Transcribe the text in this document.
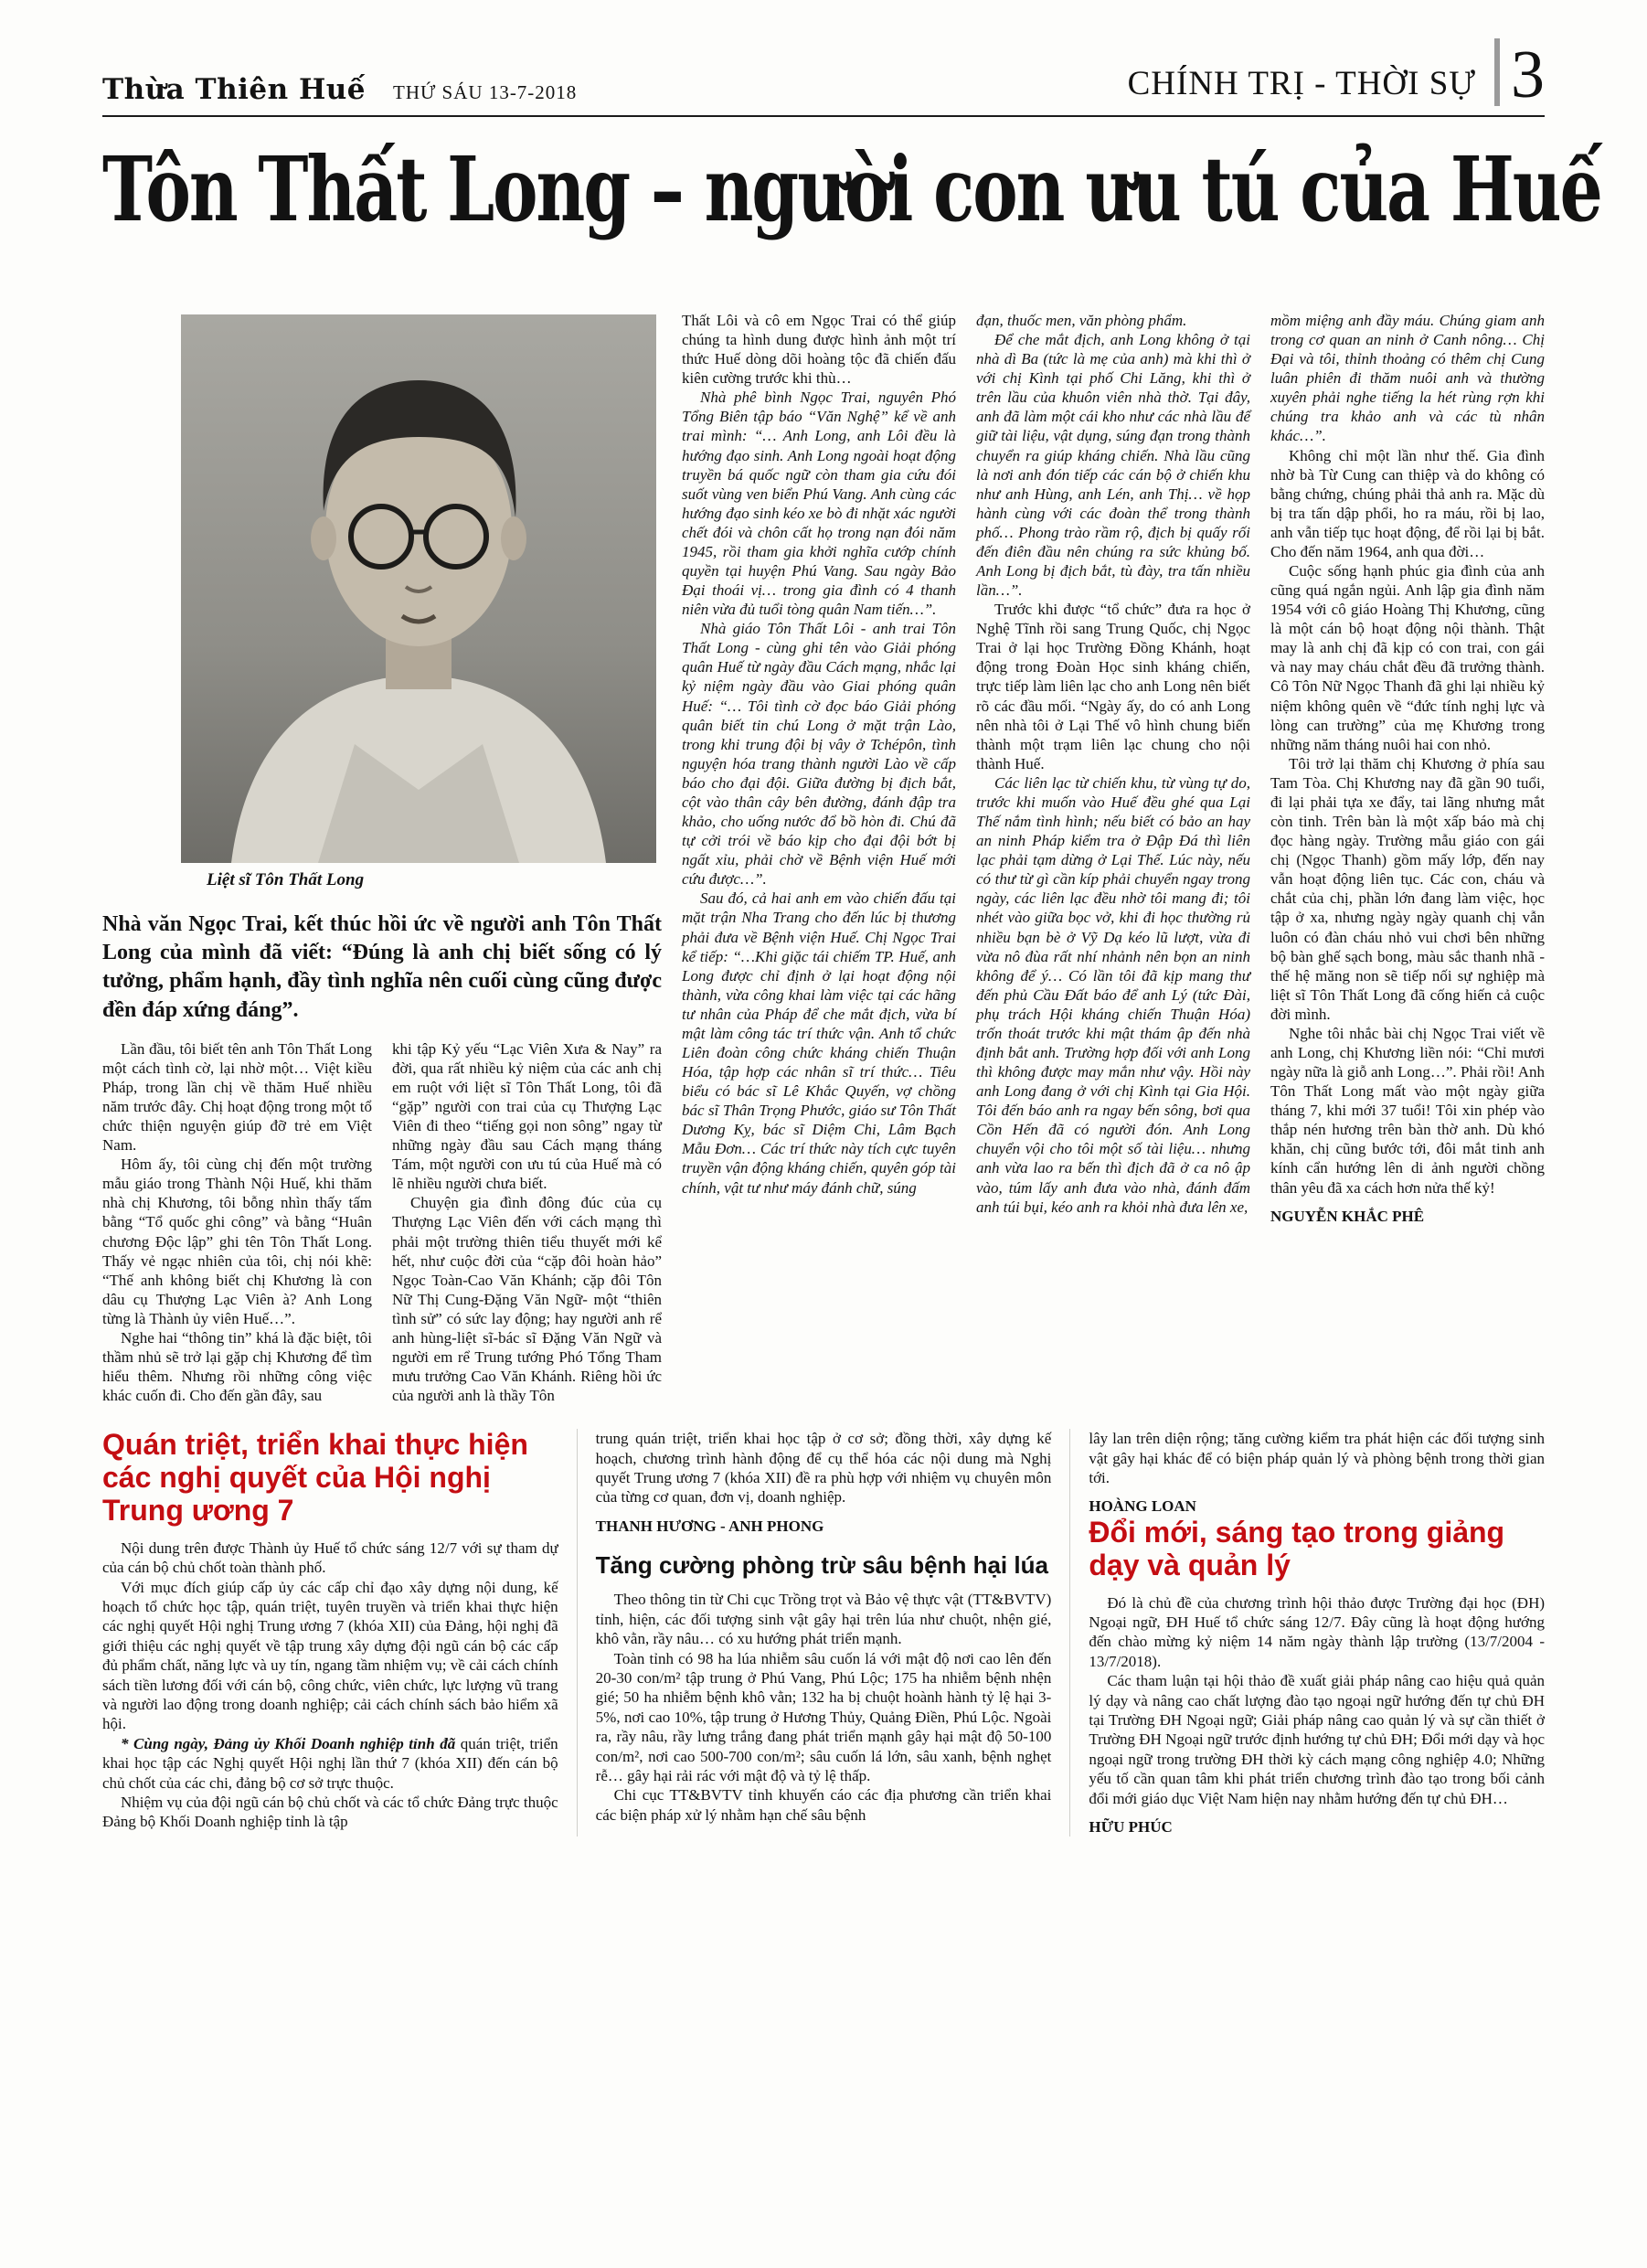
Thừa Thiên Huế THỨ SÁU 13-7-2018	CHÍNH TRỊ - THỜI SỰ 3
Tôn Thất Long – người con ưu tú của Huế
Liệt sĩ Tôn Thất Long

Nhà văn Ngọc Trai, kết thúc hồi ức về người anh Tôn Thất Long của mình đã viết: “Đúng là anh chị biết sống có lý tưởng, phẩm hạnh, đầy tình nghĩa nên cuối cùng cũng được đền đáp xứng đáng”.

Lần đầu, tôi biết tên anh Tôn Thất Long một cách tình cờ, lại nhờ một… Việt kiều Pháp, trong lần chị về thăm Huế nhiều năm trước đây. Chị hoạt động trong một tổ chức thiện nguyện giúp đỡ trẻ em Việt Nam.

Hôm ấy, tôi cùng chị đến một trường mẫu giáo trong Thành Nội Huế, khi thăm nhà chị Khương, tôi bỗng nhìn thấy tấm bằng “Tổ quốc ghi công” và bằng “Huân chương Độc lập” ghi tên Tôn Thất Long. Thấy vẻ ngạc nhiên của tôi, chị nói khẽ: “Thế anh không biết chị Khương là con dâu cụ Thượng Lạc Viên à? Anh Long từng là Thành ủy viên Huế…”.

Nghe hai “thông tin” khá là đặc biệt, tôi thầm nhủ sẽ trở lại gặp chị Khương để tìm hiểu thêm. Nhưng rồi những công việc khác cuốn đi. Cho đến gần đây, sau

khi tập Kỷ yếu “Lạc Viên Xưa & Nay” ra đời, qua rất nhiều kỷ niệm của các anh chị em ruột với liệt sĩ Tôn Thất Long, tôi đã “gặp” người con trai của cụ Thượng Lạc Viên đi theo “tiếng gọi non sông” ngay từ những ngày đầu sau Cách mạng tháng Tám, một người con ưu tú của Huế mà có lẽ nhiều người chưa biết.

Chuyện gia đình đông đúc của cụ Thượng Lạc Viên đến với cách mạng thì phải một trường thiên tiểu thuyết mới kể hết, như cuộc đời của “cặp đôi hoàn hảo” Ngọc Toàn-Cao Văn Khánh; cặp đôi Tôn Nữ Thị Cung-Đặng Văn Ngữ- một “thiên tình sử” có sức lay động; hay người anh rể anh hùng-liệt sĩ-bác sĩ Đặng Văn Ngữ và người em rể Trung tướng Phó Tổng Tham mưu trưởng Cao Văn Khánh. Riêng hồi ức của người anh là thầy Tôn

Thất Lôi và cô em Ngọc Trai có thể giúp chúng ta hình dung được hình ảnh một trí thức Huế dòng dõi hoàng tộc đã chiến đấu kiên cường trước khi thù…

Nhà phê bình Ngọc Trai, nguyên Phó Tổng Biên tập báo “Văn Nghệ” kể về anh trai mình: “… Anh Long, anh Lôi đều là hướng đạo sinh. Anh Long ngoài hoạt động truyền bá quốc ngữ còn tham gia cứu đói suốt vùng ven biển Phú Vang. Anh cùng các hướng đạo sinh kéo xe bò đi nhặt xác người chết đói và chôn cất họ trong nạn đói năm 1945, rồi tham gia khởi nghĩa cướp chính quyền tại huyện Phú Vang. Sau ngày Bảo Đại thoái vị… trong gia đình có 4 thanh niên vừa đủ tuổi tòng quân Nam tiến…”.

Nhà giáo Tôn Thất Lôi - anh trai Tôn Thất Long - cùng ghi tên vào Giải phóng quân Huế từ ngày đầu Cách mạng, nhắc lại kỷ niệm ngày đầu vào Giai phóng quân Huế: “… Tôi tình cờ đọc báo Giải phóng quân biết tin chú Long ở mặt trận Lào, trong khi trung đội bị vây ở Tchépôn, tình nguyện hóa trang thành người Lào về cấp báo cho đại đội. Giữa đường bị địch bắt, cột vào thân cây bên đường, đánh đập tra khảo, cho uống nước đổ bồ hòn đi. Chú đã tự cởi trói về báo kịp cho đại đội bớt bị ngất xỉu, phải chờ về Bệnh viện Huế mới cứu được…”.

Sau đó, cả hai anh em vào chiến đấu tại mặt trận Nha Trang cho đến lúc bị thương phải đưa về Bệnh viện Huế. Chị Ngọc Trai kể tiếp: “…Khi giặc tái chiếm TP. Huế, anh Long được chỉ định ở lại hoạt động nội thành, vừa công khai làm việc tại các hãng tư nhân của Pháp để che mắt địch, vừa bí mật làm công tác trí thức vận. Anh tổ chức Liên đoàn công chức kháng chiến Thuận Hóa, tập hợp các nhân sĩ trí thức… Tiêu biểu có bác sĩ Lê Khắc Quyến, vợ chồng bác sĩ Thân Trọng Phước, giáo sư Tôn Thất Dương Kỵ, bác sĩ Diệm Chi, Lâm Bạch Mẫu Đơn… Các trí thức này tích cực tuyên truyền vận động kháng chiến, quyên góp tài chính, vật tư như máy đánh chữ, súng

đạn, thuốc men, văn phòng phẩm.

Để che mắt địch, anh Long không ở tại nhà dì Ba (tức là mẹ của anh) mà khi thì ở với chị Kình tại phố Chi Lăng, khi thì ở trên lầu của khuôn viên nhà thờ. Tại đây, anh đã làm một cái kho như các nhà lầu để giữ tài liệu, vật dụng, súng đạn trong thành chuyển ra giúp kháng chiến. Nhà lầu cũng là nơi anh đón tiếp các cán bộ ở chiến khu như anh Hùng, anh Lén, anh Thị… về họp hành cùng với các đoàn thể trong thành phố… Phong trào rầm rộ, địch bị quấy rối đến điên đầu nên chúng ra sức khủng bố. Anh Long bị địch bắt, tù đày, tra tấn nhiều lần…”.

Trước khi được “tổ chức” đưa ra học ở Nghệ Tĩnh rồi sang Trung Quốc, chị Ngọc Trai ở lại học Trường Đồng Khánh, hoạt động trong Đoàn Học sinh kháng chiến, trực tiếp làm liên lạc cho anh Long nên biết rõ các đầu mối. “Ngày ấy, do có anh Long nên nhà tôi ở Lại Thế vô hình chung biến thành một trạm liên lạc chung cho nội thành Huế.

Các liên lạc từ chiến khu, từ vùng tự do, trước khi muốn vào Huế đều ghé qua Lại Thế nắm tình hình; nếu biết có bảo an hay an ninh Pháp kiểm tra ở Đập Đá thì liên lạc phải tạm dừng ở Lại Thế. Lúc này, nếu có thư từ gì cần kíp phải chuyển ngay trong ngày, các liên lạc đều nhờ tôi mang đi; tôi nhét vào giữa bọc vở, khi đi học thường rủ nhiều bạn bè ở Vỹ Dạ kéo lũ lượt, vừa đi vừa nô đùa rất nhí nhảnh nên bọn an ninh không để ý… Có lần tôi đã kịp mang thư đến phủ Cầu Đất báo để anh Lý (tức Đài, phụ trách Hội kháng chiến Thuận Hóa) trốn thoát trước khi mật thám ập đến nhà định bắt anh. Trường hợp đối với anh Long thì không được may mắn như vậy. Hồi này anh Long đang ở với chị Kình tại Gia Hội. Tôi đến báo anh ra ngay bến sông, bơi qua Cồn Hến đã có người đón. Anh Long chuyển vội cho tôi một số tài liệu… nhưng anh vừa lao ra bến thì địch đã ở ca nô ập vào, túm lấy anh đưa vào nhà, đánh đấm anh túi bụi, kéo anh ra khỏi nhà đưa lên xe,

mồm miệng anh đầy máu. Chúng giam anh trong cơ quan an ninh ở Canh nông… Chị Đại và tôi, thỉnh thoảng có thêm chị Cung luân phiên đi thăm nuôi anh và thường xuyên phải nghe tiếng la hét rùng rợn khi chúng tra khảo anh và các tù nhân khác…”.

Không chỉ một lần như thế. Gia đình nhờ bà Từ Cung can thiệp và do không có bằng chứng, chúng phải thả anh ra. Mặc dù bị tra tấn dập phổi, ho ra máu, rồi bị lao, anh vẫn tiếp tục hoạt động, để rồi lại bị bắt. Cho đến năm 1964, anh qua đời…

Cuộc sống hạnh phúc gia đình của anh cũng quá ngắn ngủi. Anh lập gia đình năm 1954 với cô giáo Hoàng Thị Khương, cũng là một cán bộ hoạt động nội thành. Thật may là anh chị đã kịp có con trai, con gái và nay may cháu chắt đều đã trưởng thành. Cô Tôn Nữ Ngọc Thanh đã ghi lại nhiều kỷ niệm không quên về “đức tính nghị lực và lòng can trường” của mẹ Khương trong những năm tháng nuôi hai con nhỏ.

Tôi trở lại thăm chị Khương ở phía sau Tam Tòa. Chị Khương nay đã gần 90 tuổi, đi lại phải tựa xe đẩy, tai lãng nhưng mắt còn tinh. Trên bàn là một xấp báo mà chị đọc hàng ngày. Trường mẫu giáo con gái chị (Ngọc Thanh) gồm mấy lớp, đến nay vẫn hoạt động liên tục. Các con, cháu và chắt của chị, phần lớn đang làm việc, học tập ở xa, nhưng ngày ngày quanh chị vẫn luôn có đàn cháu nhỏ vui chơi bên những bộ bàn ghế sạch bong, màu sắc thanh nhã - thế hệ măng non sẽ tiếp nối sự nghiệp mà liệt sĩ Tôn Thất Long đã cống hiến cả cuộc đời mình.

Nghe tôi nhắc bài chị Ngọc Trai viết về anh Long, chị Khương liền nói: “Chỉ mươi ngày nữa là giỗ anh Long…”. Phải rồi! Anh Tôn Thất Long mất vào một ngày giữa tháng 7, khi mới 37 tuổi! Tôi xin phép vào thắp nén hương trên bàn thờ anh. Dù khó khăn, chị cũng bước tới, đôi mắt tinh anh kính cẩn hướng lên di ảnh người chồng thân yêu đã xa cách hơn nửa thế kỷ!

NGUYỄN KHẮC PHÊ

Quán triệt, triển khai thực hiện các nghị quyết của Hội nghị Trung ương 7

Nội dung trên được Thành ủy Huế tổ chức sáng 12/7 với sự tham dự của cán bộ chủ chốt toàn thành phố.

Với mục đích giúp cấp ủy các cấp chỉ đạo xây dựng nội dung, kế hoạch tổ chức học tập, quán triệt, tuyên truyền và triển khai thực hiện các nghị quyết Hội nghị Trung ương 7 (khóa XII) của Đảng, hội nghị đã giới thiệu các nghị quyết về tập trung xây dựng đội ngũ cán bộ các cấp đủ phẩm chất, năng lực và uy tín, ngang tầm nhiệm vụ; về cải cách chính sách tiền lương đối với cán bộ, công chức, viên chức, lực lượng vũ trang và người lao động trong doanh nghiệp; cải cách chính sách bảo hiểm xã hội.

* Cùng ngày, Đảng ủy Khối Doanh nghiệp tỉnh đã quán triệt, triển khai học tập các Nghị quyết Hội nghị lần thứ 7 (khóa XII) đến cán bộ chủ chốt của các chi, đảng bộ cơ sở trực thuộc.

Nhiệm vụ của đội ngũ cán bộ chủ chốt và các tổ chức Đảng trực thuộc Đảng bộ Khối Doanh nghiệp tỉnh là tập

trung quán triệt, triển khai học tập ở cơ sở; đồng thời, xây dựng kế hoạch, chương trình hành động để cụ thể hóa các nội dung mà Nghị quyết Trung ương 7 (khóa XII) đề ra phù hợp với nhiệm vụ chuyên môn của từng cơ quan, đơn vị, doanh nghiệp.

THANH HƯƠNG - ANH PHONG

Tăng cường phòng trừ sâu bệnh hại lúa

Theo thông tin từ Chi cục Trồng trọt và Bảo vệ thực vật (TT&BVTV) tỉnh, hiện, các đối tượng sinh vật gây hại trên lúa như chuột, nhện gié, khô vằn, rầy nâu… có xu hướng phát triển mạnh.

Toàn tỉnh có 98 ha lúa nhiễm sâu cuốn lá với mật độ nơi cao lên đến 20-30 con/m² tập trung ở Phú Vang, Phú Lộc; 175 ha nhiễm bệnh nhện gié; 50 ha nhiễm bệnh khô vằn; 132 ha bị chuột hoành hành tỷ lệ hại 3-5%, nơi cao 10%, tập trung ở Hương Thủy, Quảng Điền, Phú Lộc. Ngoài ra, rầy nâu, rầy lưng trắng đang phát triển mạnh gây hại mật độ 50-100 con/m², nơi cao 500-700 con/m²; sâu cuốn lá lớn, sâu xanh, bệnh nghẹt rễ… gây hại rải rác với mật độ và tỷ lệ thấp.

Chi cục TT&BVTV tỉnh khuyến cáo các địa phương cần triển khai các biện pháp xử lý nhằm hạn chế sâu bệnh

lây lan trên diện rộng; tăng cường kiểm tra phát hiện các đối tượng sinh vật gây hại khác để có biện pháp quản lý và phòng bệnh trong thời gian tới.

HOÀNG LOAN

Đổi mới, sáng tạo trong giảng dạy và quản lý

Đó là chủ đề của chương trình hội thảo được Trường đại học (ĐH) Ngoại ngữ, ĐH Huế tổ chức sáng 12/7. Đây cũng là hoạt động hướng đến chào mừng kỷ niệm 14 năm ngày thành lập trường (13/7/2004 - 13/7/2018).

Các tham luận tại hội thảo đề xuất giải pháp nâng cao hiệu quả quản lý dạy và nâng cao chất lượng đào tạo ngoại ngữ hướng đến tự chủ ĐH tại Trường ĐH Ngoại ngữ; Giải pháp nâng cao quản lý và sự cần thiết ở Trường ĐH Ngoại ngữ trước định hướng tự chủ ĐH; Đổi mới dạy và học ngoại ngữ trong trường ĐH thời kỳ cách mạng công nghiệp 4.0; Những yếu tố cần quan tâm khi phát triển chương trình đào tạo trong bối cảnh đổi mới giáo dục Việt Nam hiện nay nhằm hướng đến tự chủ ĐH…

HỮU PHÚC
